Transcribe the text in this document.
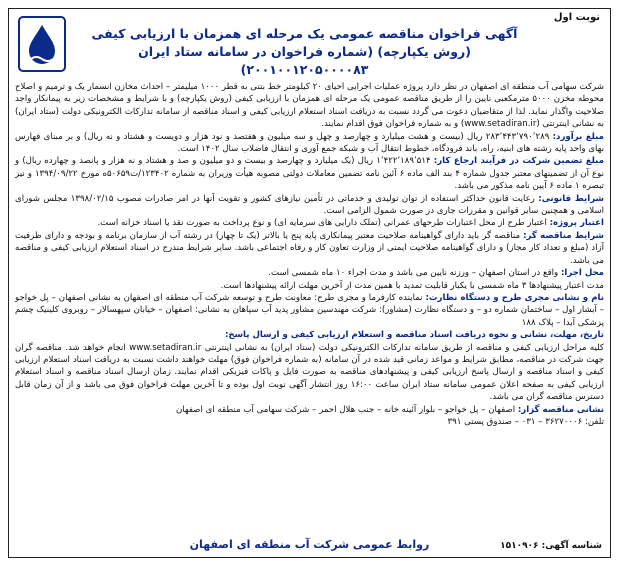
نوبت اول
آگهی فراخوان مناقصه عمومی یک مرحله ای همزمان با ارزیابی کیفی
(روش یکپارچه) (شماره فراخوان در سامانه ستاد ایران ۲۰۰۱۰۰۱۲۰۵۰۰۰۰۸۳)

شرکت سهامی آب منطقه ای اصفهان در نظر دارد پروژه عملیات اجرایی احیای ۲۰ کیلومتر خط بتنی به قطر ۱۰۰۰ میلیمتر – احداث مخازن انسمار یک و ترمیم و اصلاح محوطه مخزن ۵۰۰۰ مترمکعبی نایین را از طریق مناقصه عمومی یک مرحله ای همزمان با ارزیابی کیفی (روش یکپارچه) و با شرایط و مشخصات زیر به پیمانکار واجد صلاحیت واگذار نماید. لذا از متقاضیان دعوت می گردد نسبت به دریافت اسناد استعلام ارزیابی کیفی و اسناد مناقصه از سامانه تدارکات الکترونیکی دولت (ستاد ایران) به نشانی اینترنتی (www.setadiran.ir) و به شماره فراخوان فوق اقدام نمایند.

مبلغ برآورد: ۲۸۳٬۴۴۳٬۷۹۰٬۲۸۹ ریال (بیست و هشت میلیارد و چهارصد و چهل و سه میلیون و هفتصد و نود هزار و دویست و هشتاد و نه ریال) و بر مبنای فهارس بهای واحد پایه رشته های ابنیه، راه، باند فرودگاه، خطوط انتقال آب و شبکه جمع آوری و انتقال فاضلاب سال ۱۴۰۲ است.

مبلغ تضمین شرکت در فرآیند ارجاع کار: ۱٬۴۲۲٬۱۸۹٬۵۱۴ ریال (یک میلیارد و چهارصد و بیست و دو میلیون و صد و هشتاد و نه هزار و پانصد و چهارده ریال) و نوع آن از تضمینهای معتبر جدول شماره ۴ بند الف ماده ۶ آئین نامه تضمین معاملات دولتی مصوبه هیأت وزیران به شماره ۱۲۳۴۰۲/ت۵۰۶۵۹ه مورخ ۱۳۹۴/۰۹/۲۲ و نیز تبصره ۱ ماده ۶ آیین نامه مذکور می باشد.

شرایط قانونی: رعایت قانون حداکثر استفاده از توان تولیدی و خدماتی در تأمین نیازهای کشور و تقویت آنها در امر صادرات مصوب ۱۳۹۸/۰۲/۱۵ مجلس شورای اسلامی و همچنین سایر قوانین و مقررات جاری در صورت شمول الزامی است.

اعتبار پروژه: اعتبار طرح از محل اعتبارات طرحهای عمرانی (تملک دارایی های سرمایه ای) و نوع پرداخت به صورت نقد یا اسناد خزانه است.

شرایط مناقصه گر: مناقصه گر باید دارای گواهینامه صلاحیت معتبر پیمانکاری پایه پنج یا بالاتر (یک تا چهار) در رشته آب از سازمان برنامه و بودجه و دارای ظرفیت آزاد (مبلغ و تعداد کار مجاز) و دارای گواهینامه صلاحیت ایمنی از وزارت تعاون کار و رفاه اجتماعی باشد. سایر شرایط مندرج در اسناد استعلام ارزیابی کیفی و مناقصه می باشد.

محل اجرا: واقع در استان اصفهان – ورزنه نایین می باشد و مدت اجراء ۱۰ ماه شمسی است.

مدت اعتبار پیشنهادها ۳ ماه شمسی با یکبار قابلیت تمدید با همین مدت از آخرین مهلت ارائه پیشنهادها است.

نام و نشانی مجری طرح و دستگاه نظارت: نماینده کارفرما و مجری طرح: معاونت طرح و توسعه شرکت آب منطقه ای اصفهان به نشانی اصفهان – پل خواجو – آبشار اول – ساختمان شماره دو – و دستگاه نظارت (مشاور): شرکت مهندسین مشاور پدید آب سپاهان به نشانی: اصفهان – خیابان سپهسالار – روبروی کلینیک چشم پزشکی آیدا – پلاک ۱۸۸

تاریخ، مهلت، نشانی و نحوه دریافت اسناد مناقصه و استعلام ارزیابی کیفی و ارسال پاسخ:

کلیه مراحل ارزیابی کیفی و مناقصه از طریق سامانه تدارکات الکترونیکی دولت (ستاد ایران) به نشانی اینترنتی www.setadiran.ir انجام خواهد شد. مناقصه گران جهت شرکت در مناقصه، مطابق شرایط و مواعد زمانی قید شده در آن سامانه (به شماره فراخوان فوق) مهلت خواهند داشت نسبت به دریافت اسناد استعلام ارزیابی کیفی و اسناد مناقصه و ارسال پاسخ ارزیابی کیفی و پیشنهادهای مناقصه به صورت فایل و پاکات فیزیکی اقدام نمایند. زمان ارسال اسناد مناقصه و اسناد استعلام ارزیابی کیفی به صفحه اعلان عمومی سامانه ستاد ایران ساعت ۱۶:۰۰ روز انتشار آگهی نوبت اول بوده و تا آخرین مهلت فراخوان فوق می باشد و از آن زمان قابل دسترس مناقصه گران می باشد.

نشانی مناقصه گزار: اصفهان – پل خواجو – بلوار آئینه خانه – جنب هلال احمر – شرکت سهامی آب منطقه ای اصفهان

تلفن: ۳۶۲۷۰۰۰۶ – ۰۳۱ – صندوق پستی ۳۹۱

شناسه آگهی: ۱۵۱۰۹۰۶
روابط عمومی شرکت آب منطقه ای اصفهان
